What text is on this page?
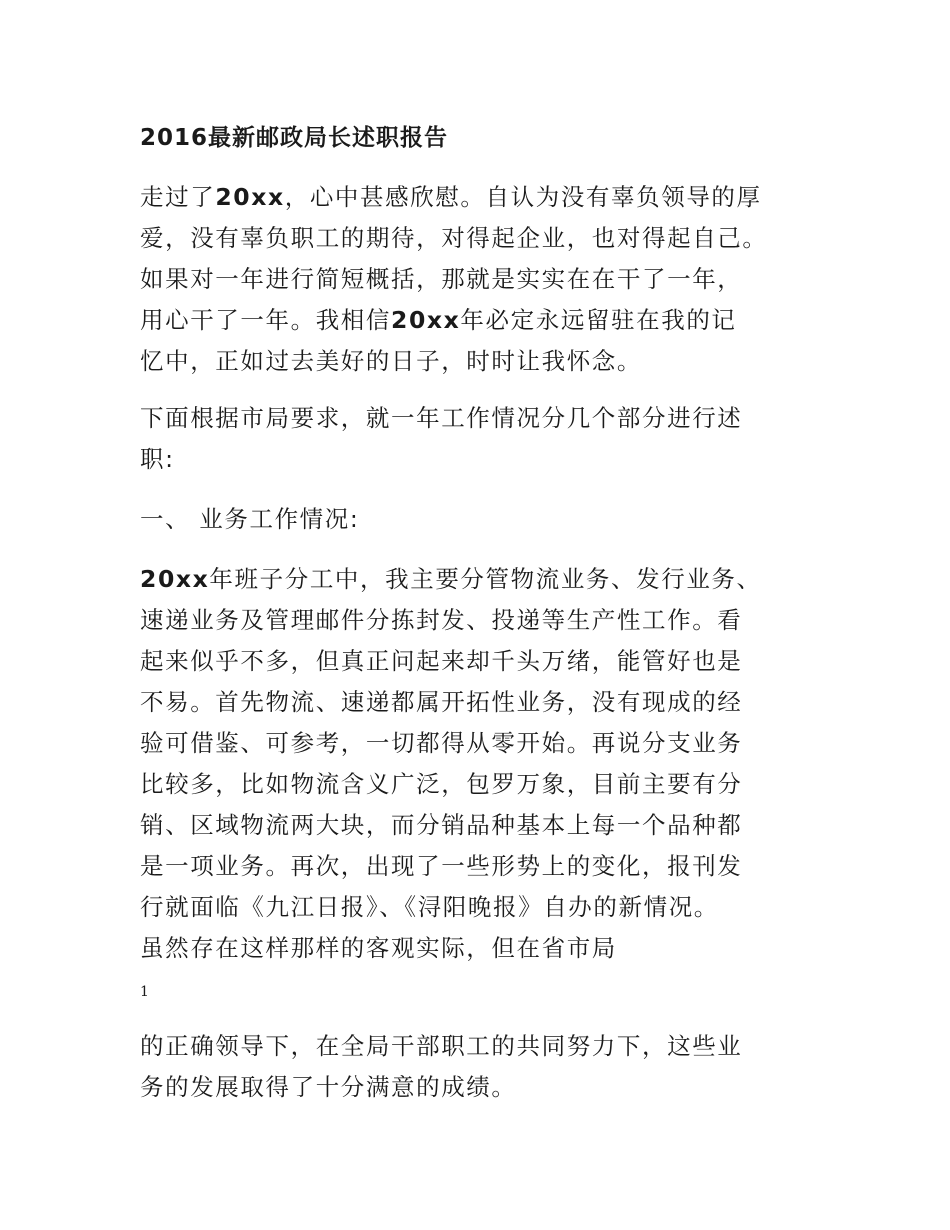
2016最新邮政局长述职报告

走过了20xx，心中甚感欣慰。自认为没有辜负领导的厚
爱，没有辜负职工的期待，对得起企业，也对得起自己。
如果对一年进行简短概括，那就是实实在在干了一年，
用心干了一年。我相信20xx年必定永远留驻在我的记
忆中，正如过去美好的日子，时时让我怀念。

下面根据市局要求，就一年工作情况分几个部分进行述
职:

一、 业务工作情况:

20xx年班子分工中，我主要分管物流业务、发行业务、
速递业务及管理邮件分拣封发、投递等生产性工作。看
起来似乎不多，但真正问起来却千头万绪，能管好也是
不易。首先物流、速递都属开拓性业务，没有现成的经
验可借鉴、可参考，一切都得从零开始。再说分支业务
比较多，比如物流含义广泛，包罗万象，目前主要有分
销、区域物流两大块，而分销品种基本上每一个品种都
是一项业务。再次，出现了一些形势上的变化，报刊发
行就面临《九江日报》、《浔阳晚报》自办的新情况。
虽然存在这样那样的客观实际，但在省市局

1

的正确领导下，在全局干部职工的共同努力下，这些业
务的发展取得了十分满意的成绩。
